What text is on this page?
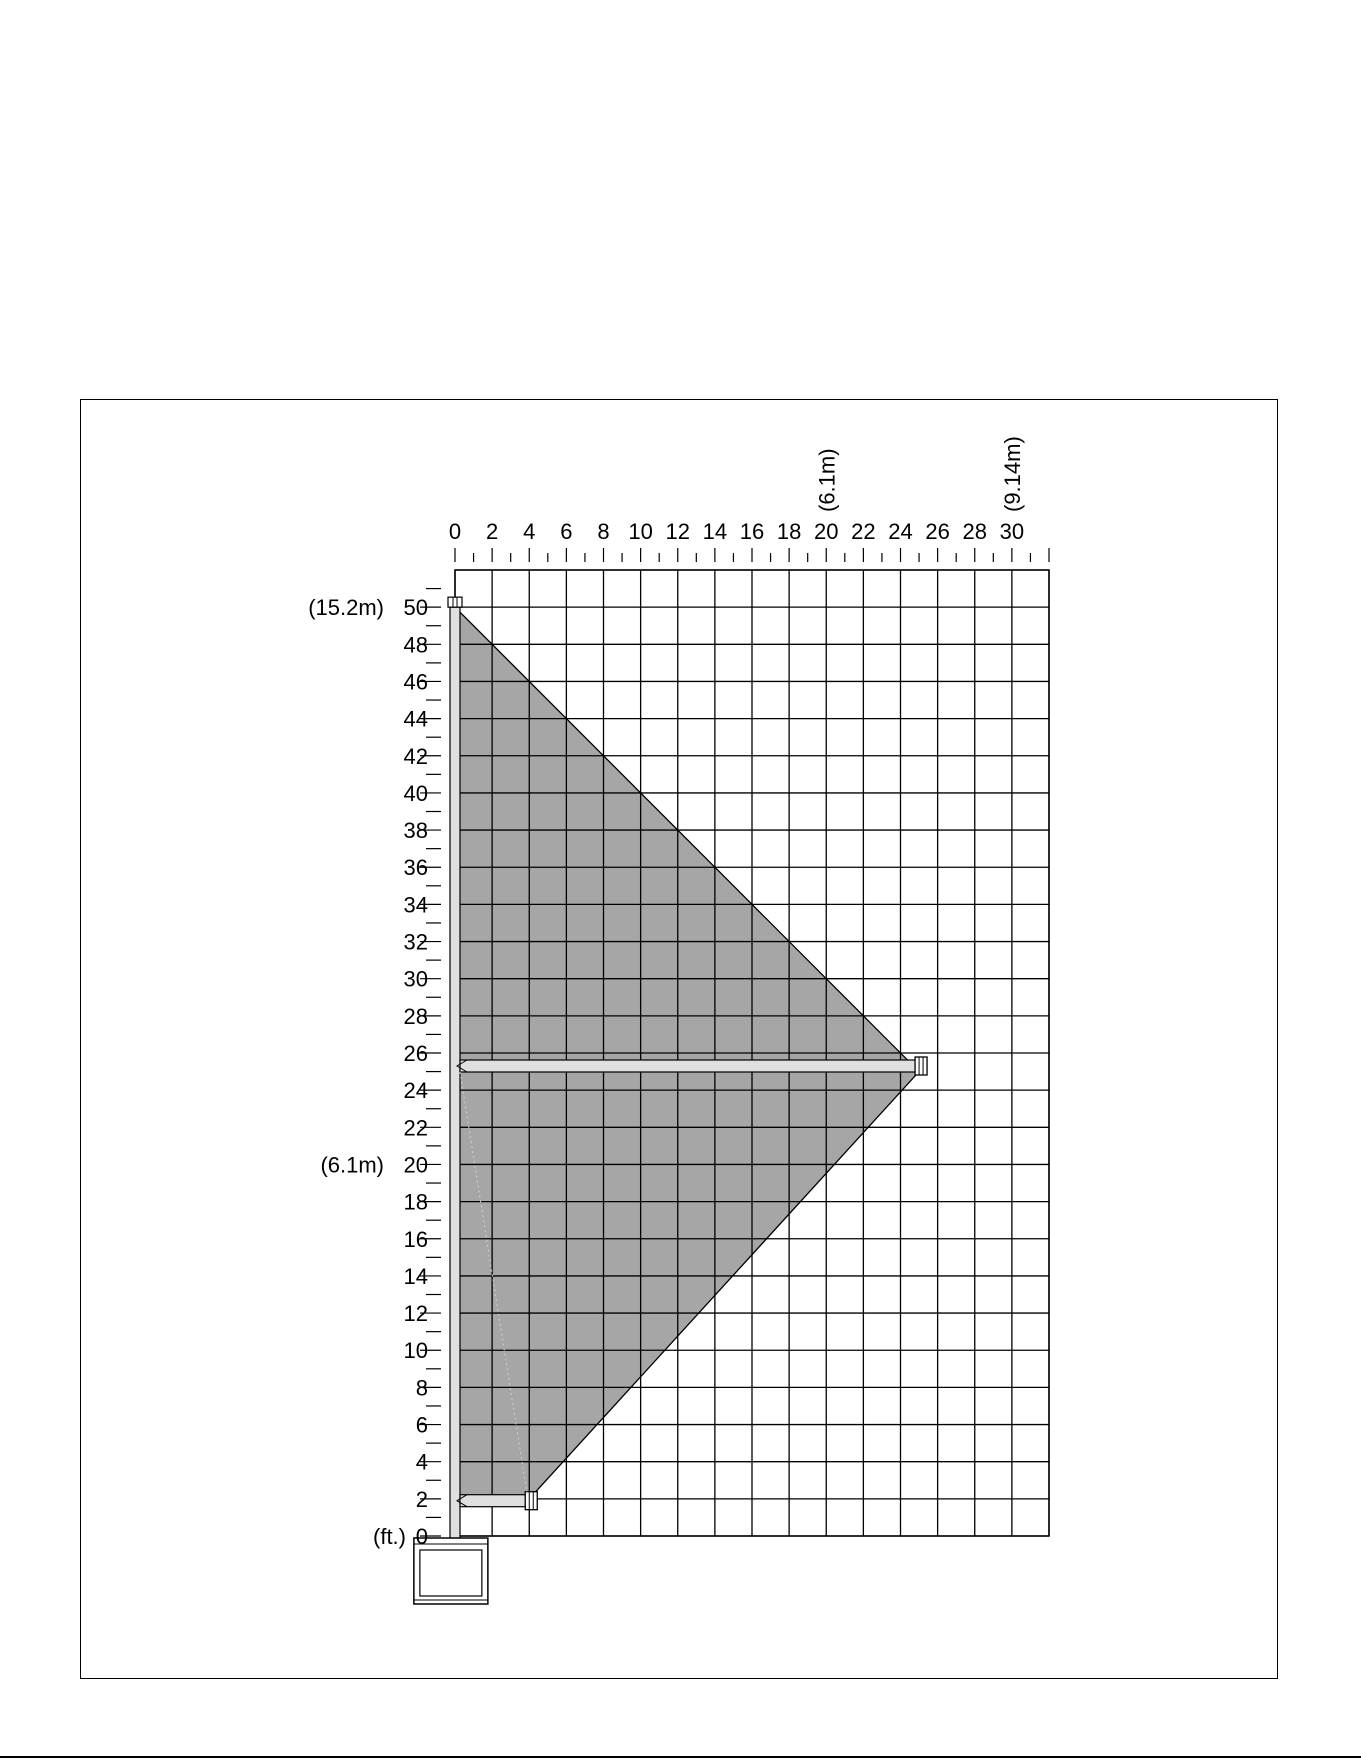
0 2 4 6 8 10 12 14 16 18 20 22 24 26 28 30
(6.1m)	(9.14m)
0
2
4
6
8
10
12
14
16
18
20
22
24
26
28
30
32
34
36
38
40
42
44
46
48
50
(ft.)
(15.2m)
(6.1m)
